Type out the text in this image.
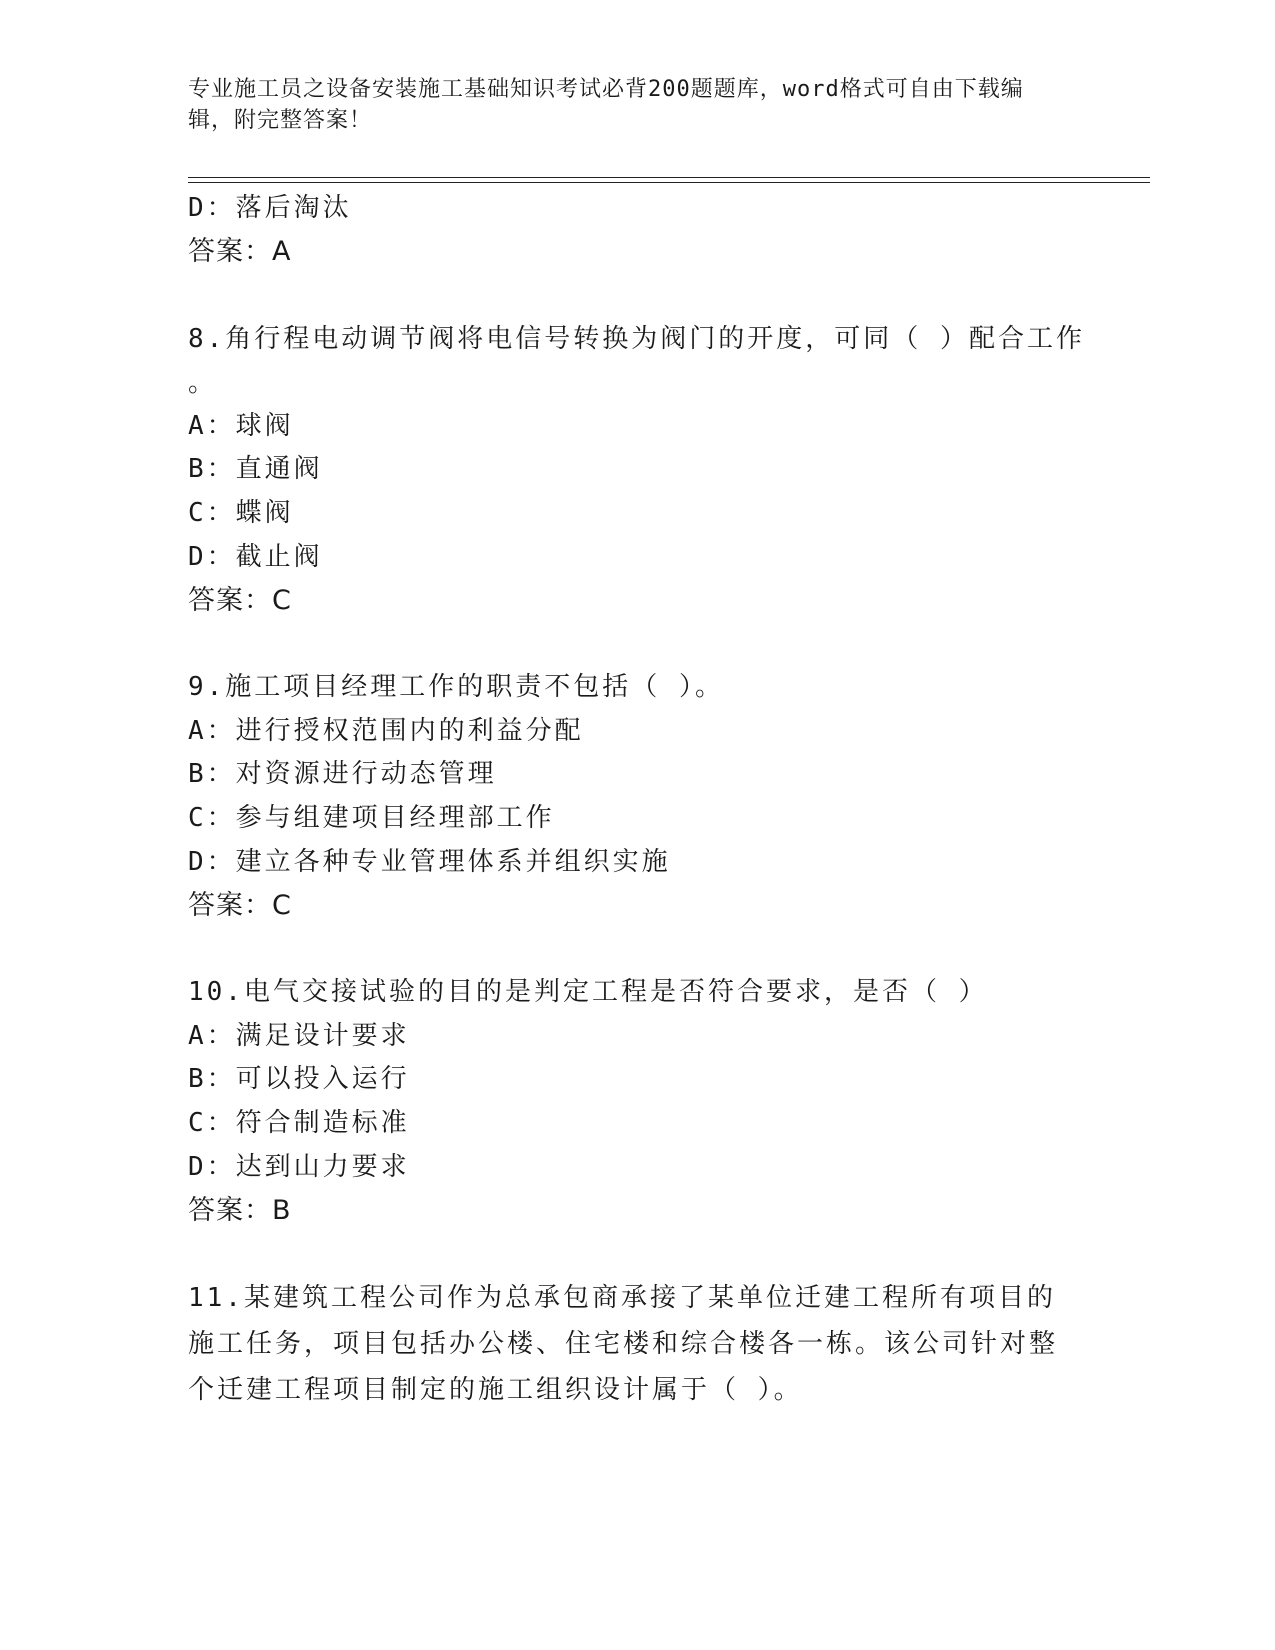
专业施工员之设备安装施工基础知识考试必背200题题库，word格式可自由下载编辑，附完整答案！
D：落后淘汰
答案：A
8.角行程电动调节阀将电信号转换为阀门的开度，可同（ ）配合工作
。
A：球阀
B：直通阀
C：蝶阀
D：截止阀
答案：C
9.施工项目经理工作的职责不包括（ ）。
A：进行授权范围内的利益分配
B：对资源进行动态管理
C：参与组建项目经理部工作
D：建立各种专业管理体系并组织实施
答案：C
10.电气交接试验的目的是判定工程是否符合要求，是否（ ）
A：满足设计要求
B：可以投入运行
C：符合制造标准
D：达到山力要求
答案：B
11.某建筑工程公司作为总承包商承接了某单位迁建工程所有项目的施工任务，项目包括办公楼、住宅楼和综合楼各一栋。该公司针对整个迁建工程项目制定的施工组织设计属于（ ）。
